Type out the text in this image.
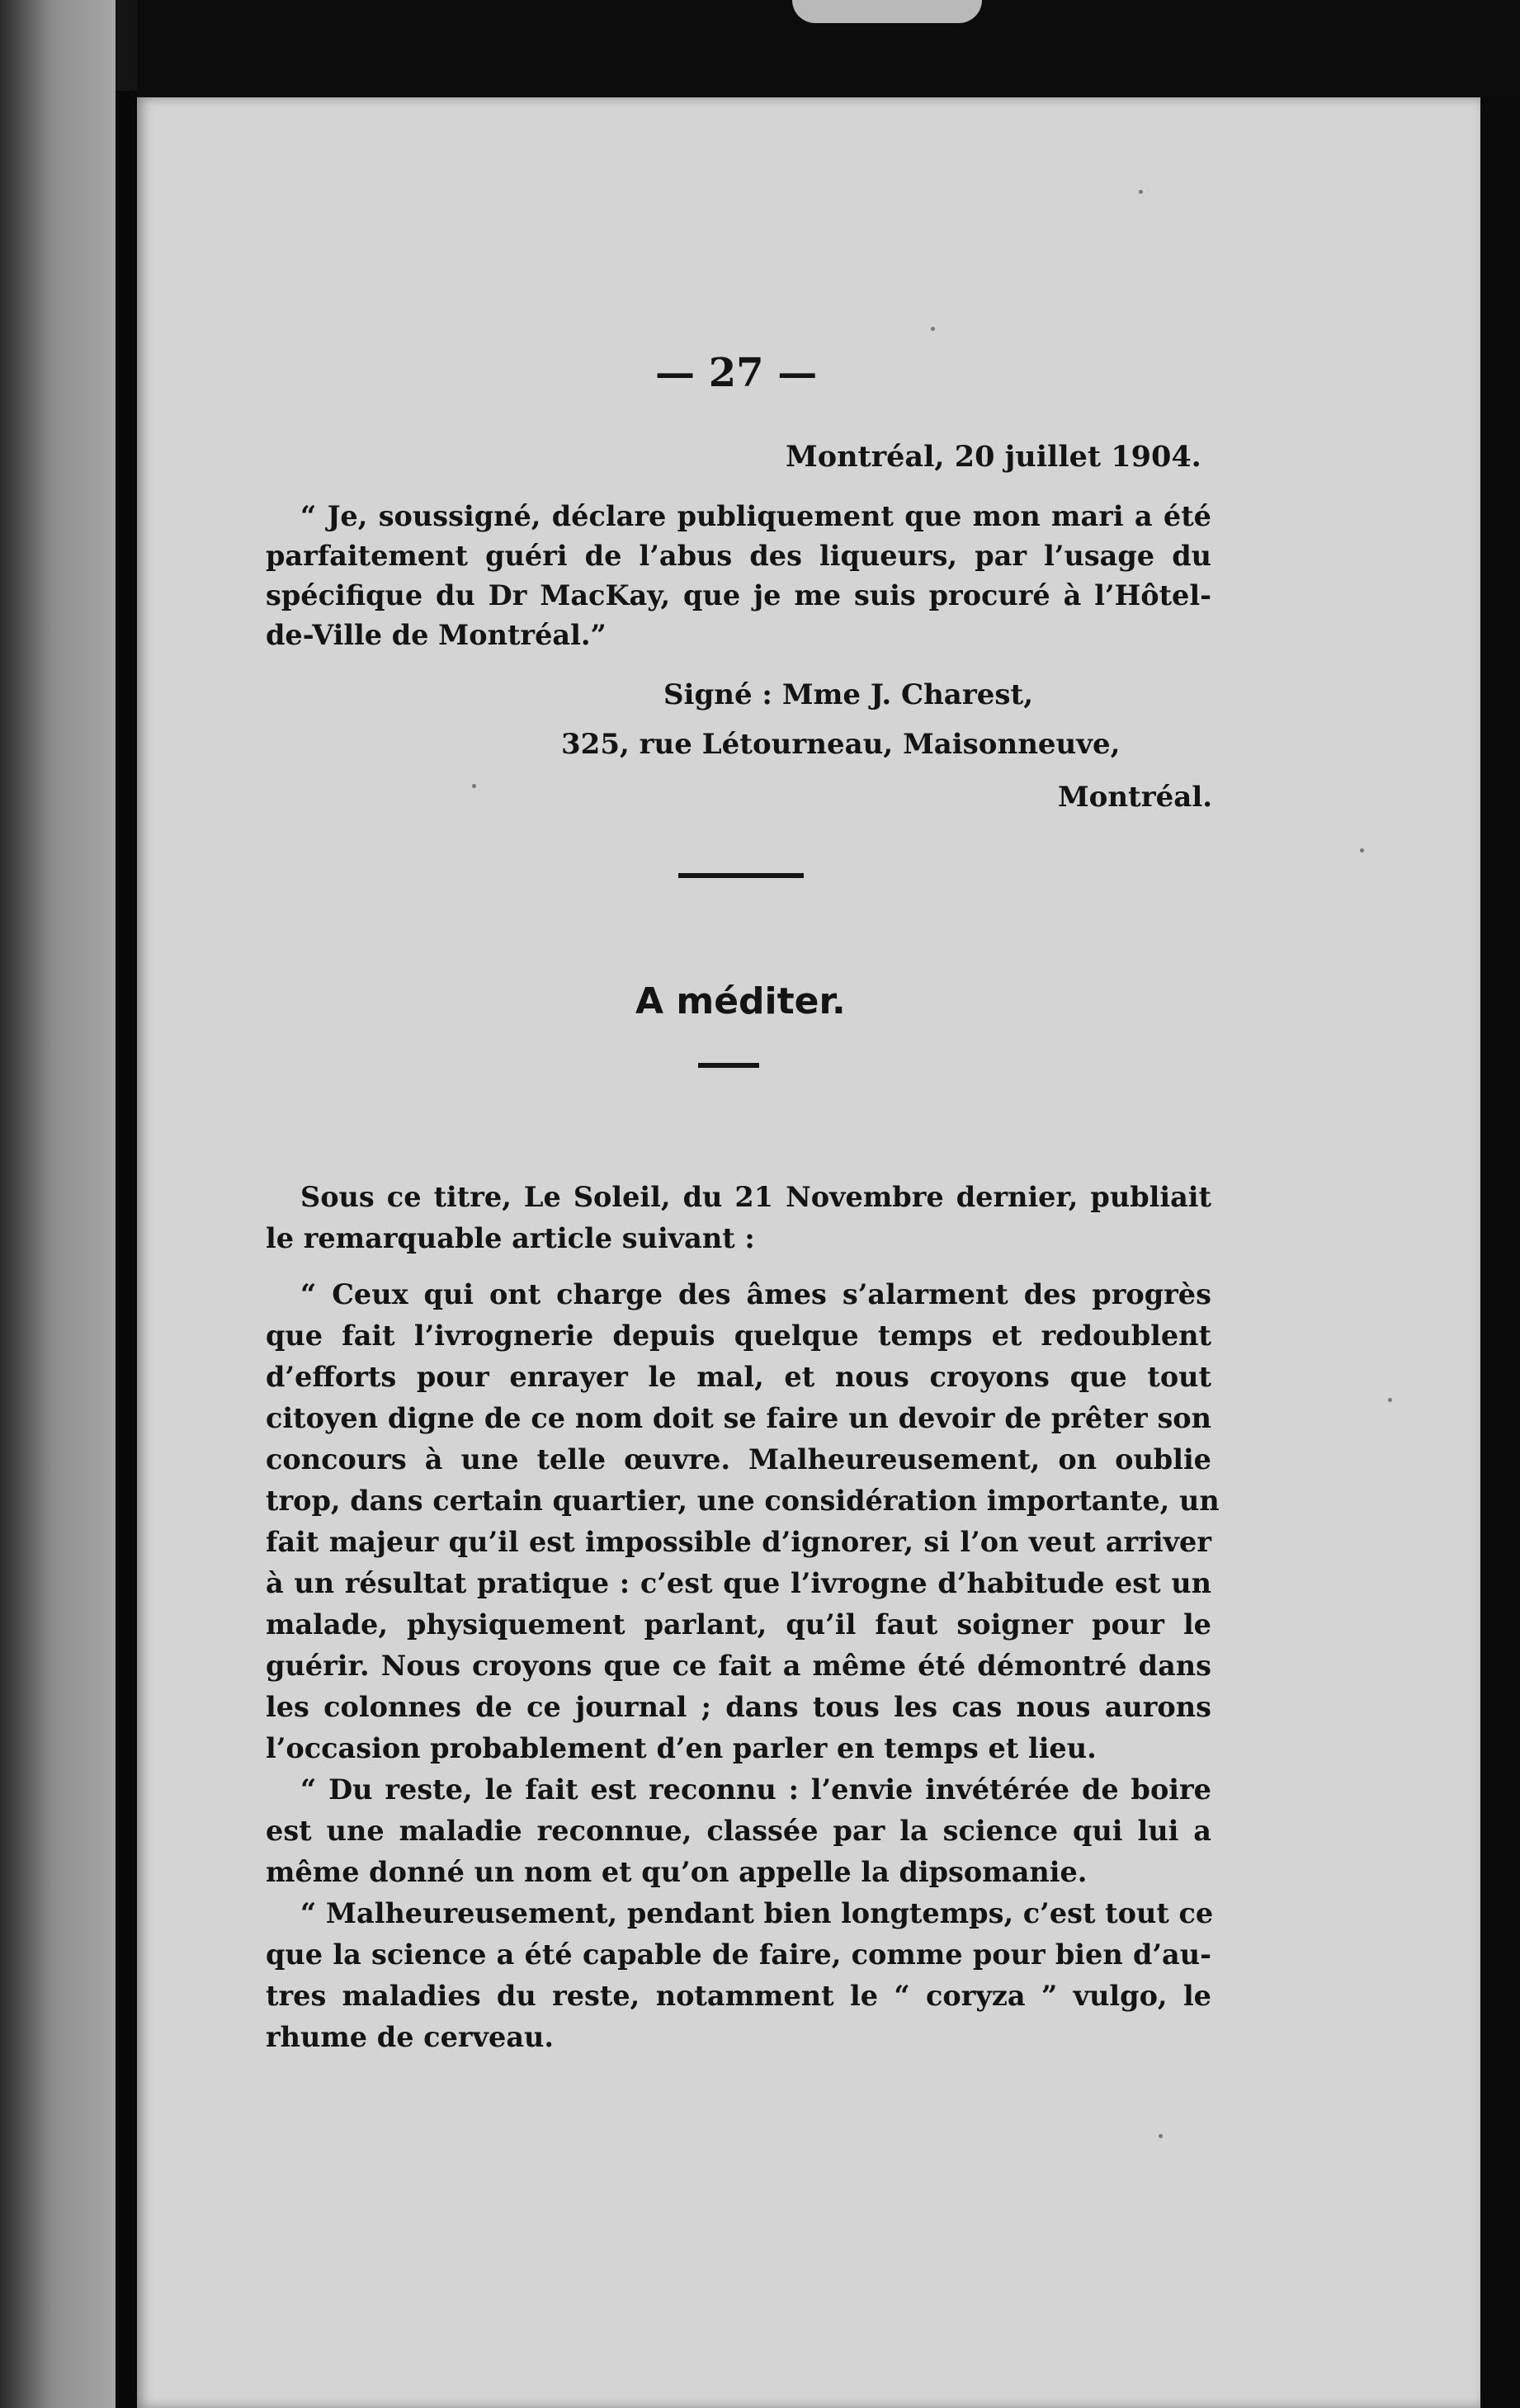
— 27 —
Montréal, 20 juillet 1904.
“ Je, soussigné, déclare publiquement que mon mari a été
parfaitement guéri de l’abus des liqueurs, par l’usage du
spécifique du Dr MacKay, que je me suis procuré à l’Hôtel-
de-Ville de Montréal.”
Signé : Mme J. Charest,
325, rue Létourneau, Maisonneuve,
Montréal.
A méditer.
Sous ce titre, Le Soleil, du 21 Novembre dernier, publiait
le remarquable article suivant :
“ Ceux qui ont charge des âmes s’alarment des progrès
que fait l’ivrognerie depuis quelque temps et redoublent
d’efforts pour enrayer le mal, et nous croyons que tout
citoyen digne de ce nom doit se faire un devoir de prêter son
concours à une telle œuvre. Malheureusement, on oublie
trop, dans certain quartier, une considération importante, un
fait majeur qu’il est impossible d’ignorer, si l’on veut arriver
à un résultat pratique : c’est que l’ivrogne d’habitude est un
malade, physiquement parlant, qu’il faut soigner pour le
guérir. Nous croyons que ce fait a même été démontré dans
les colonnes de ce journal ; dans tous les cas nous aurons
l’occasion probablement d’en parler en temps et lieu.
“ Du reste, le fait est reconnu : l’envie invétérée de boire
est une maladie reconnue, classée par la science qui lui a
même donné un nom et qu’on appelle la dipsomanie.
“ Malheureusement, pendant bien longtemps, c’est tout ce
que la science a été capable de faire, comme pour bien d’au-
tres maladies du reste, notamment le “ coryza ” vulgo, le
rhume de cerveau.
